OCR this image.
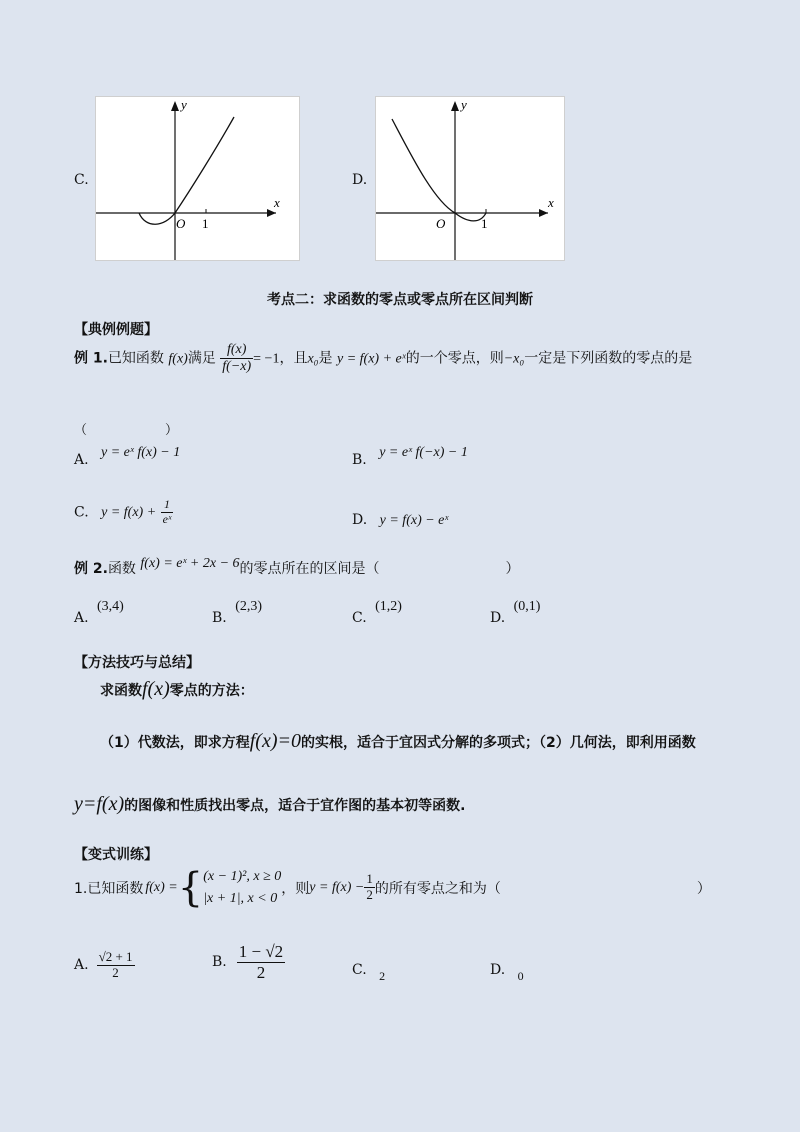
C.
x
y
O 1
D.
x
y
O	1
考点二：求函数的零点或零点所在区间判断
【典例例题】
例 1.已知函数 f(x)满足 $\frac{f(x)}{f(-x)} = -1$，且x₀是 y = f(x) + eˣ的一个零点，则−x₀一定是下列函数的零点的是
（　　　　　　）
A. y = eˣ f(x) − 1	B. y = eˣ f(−x) − 1
C. $y = f(x) + \frac{1}{\text{eˣ}}$	D. y = f(x) − eˣ
例 2.函数 f(x) = eˣ + 2x − 6的零点所在的区间是（　　　　　　　　　）
A. (3,4)
B. (2,3)
C. (1,2)
D. (0,1)
【方法技巧与总结】
求函数f(x)零点的方法：
（1）代数法，即求方程f(x)=0的实根，适合于宜因式分解的多项式；（2）几何法，即利用函数
y=f(x)的图像和性质找出零点，适合于宜作图的基本初等函数.
【变式训练】
1.已知函数 f(x) = { (x − 1)², x ≥ 0
|x + 1|, x < 0
，则 $y = f(x) - \frac{1}{2}$ 的所有零点之和为（　　　　　　　　　　　　　　）
A. $\frac{√2 + 1}{2}$	B. $\frac{1 - √2}{2}$	C. 2	D. 0
